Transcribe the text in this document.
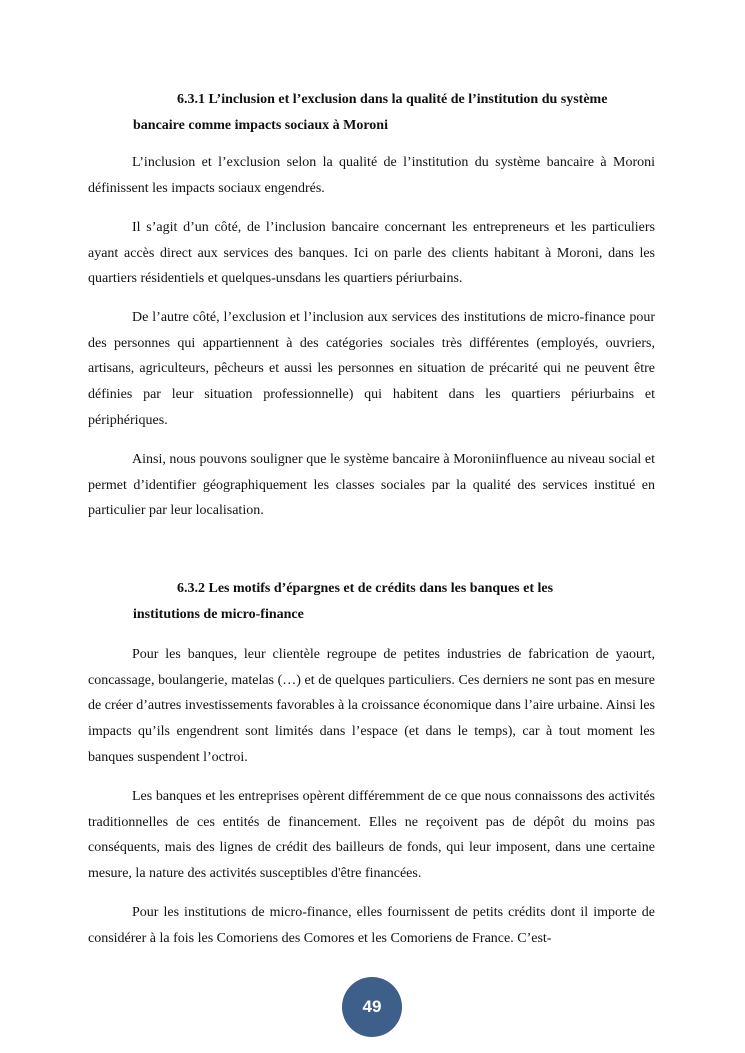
6.3.1 L’inclusion et l’exclusion dans la qualité de l’institution du système
bancaire comme impacts sociaux à Moroni

L’inclusion et l’exclusion selon la qualité de l’institution du système bancaire à Moroni définissent les impacts sociaux engendrés.

Il s’agit d’un côté, de l’inclusion bancaire concernant les entrepreneurs et les particuliers ayant accès direct aux services des banques. Ici on parle des clients habitant à Moroni, dans les quartiers résidentiels et quelques-unsdans les quartiers périurbains.

De l’autre côté, l’exclusion et l’inclusion aux services des institutions de micro-finance pour des personnes qui appartiennent à des catégories sociales très différentes (employés, ouvriers, artisans, agriculteurs, pêcheurs et aussi les personnes en situation de précarité qui ne peuvent être définies par leur situation professionnelle) qui habitent dans les quartiers périurbains et périphériques.

Ainsi, nous pouvons souligner que le système bancaire à Moroniinfluence au niveau social et permet d’identifier géographiquement les classes sociales par la qualité des services institué en particulier par leur localisation.

6.3.2 Les motifs d’épargnes et de crédits dans les banques et les
institutions de micro-finance

Pour les banques, leur clientèle regroupe de petites industries de fabrication de yaourt, concassage, boulangerie, matelas (…) et de quelques particuliers. Ces derniers ne sont pas en mesure de créer d’autres investissements favorables à la croissance économique dans l’aire urbaine. Ainsi les impacts qu’ils engendrent sont limités dans l’espace (et dans le temps), car à tout moment les banques suspendent l’octroi.

Les banques et les entreprises opèrent différemment de ce que nous connaissons des activités traditionnelles de ces entités de financement. Elles ne reçoivent pas de dépôt du moins pas conséquents, mais des lignes de crédit des bailleurs de fonds, qui leur imposent, dans une certaine mesure, la nature des activités susceptibles d'être financées.

Pour les institutions de micro-finance, elles fournissent de petits crédits dont il importe de considérer à la fois les Comoriens des Comores et les Comoriens de France. C’est-

49
